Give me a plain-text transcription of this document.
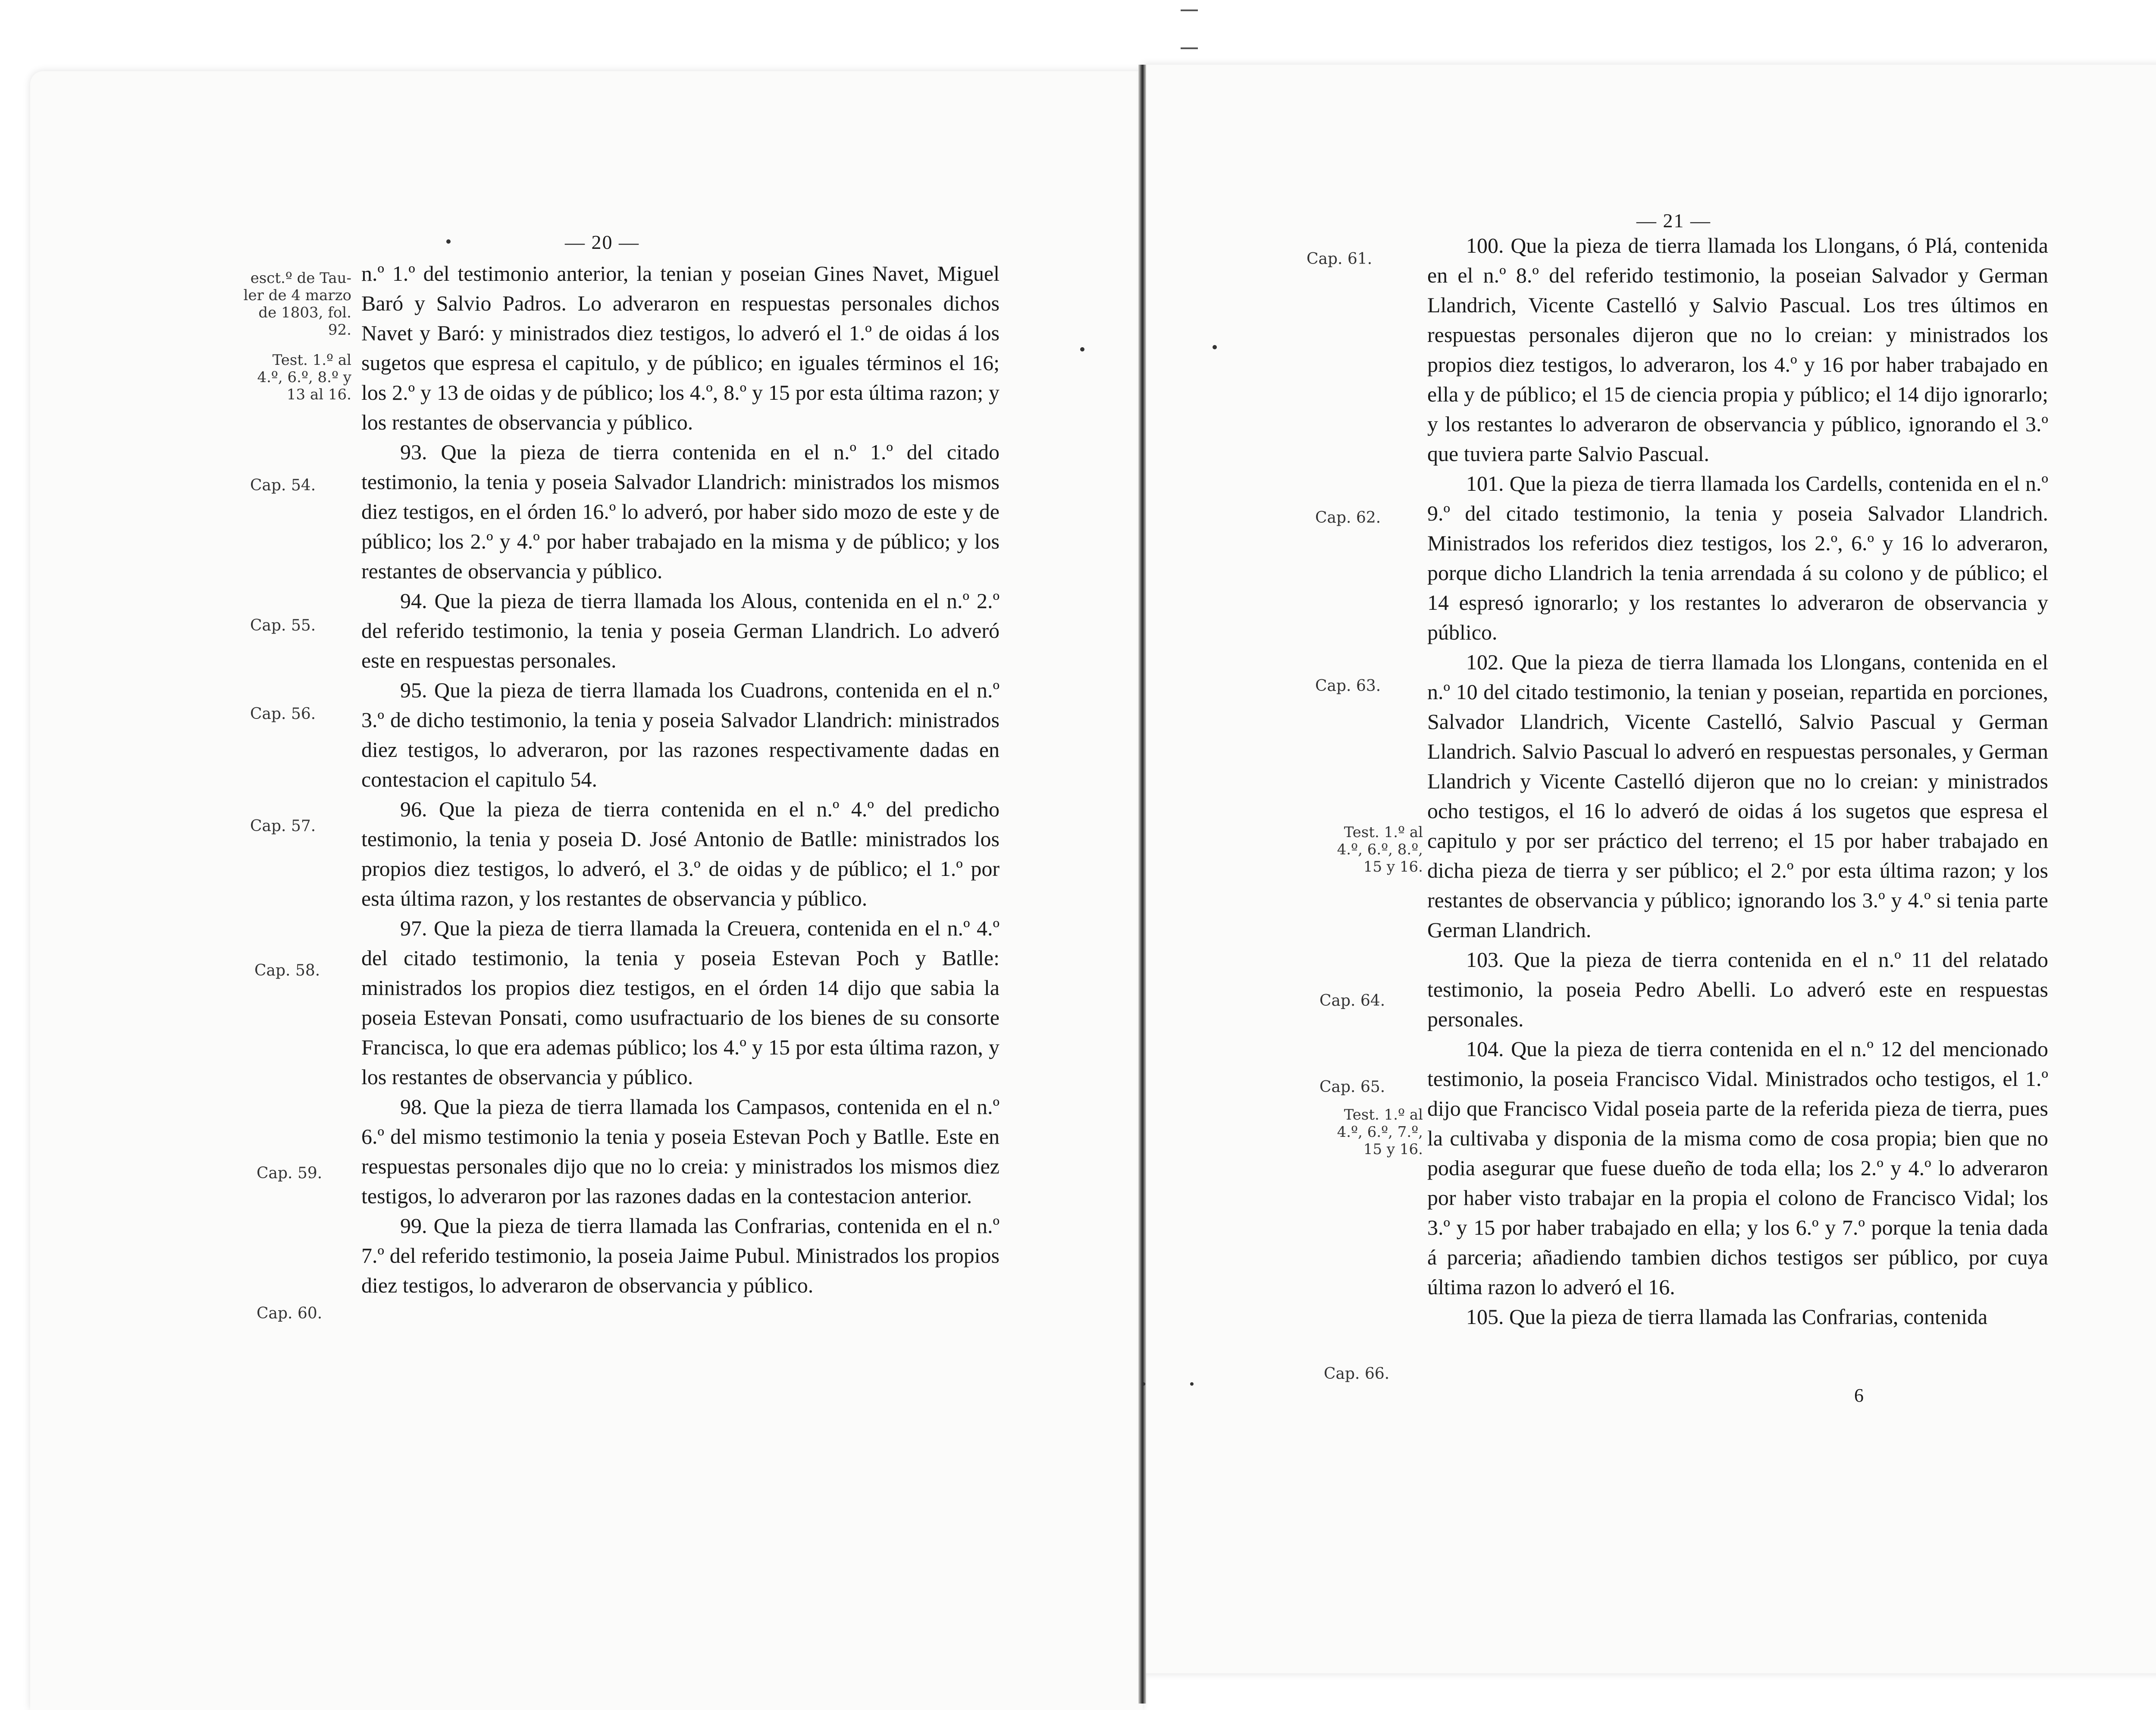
— 20 —
esct.º de Tau-
ler de 4 marzo
de 1803, fol.
92.
Test. 1.º al
4.º, 6.º, 8.º y
13 al 16.
Cap. 54.
Cap. 55.
Cap. 56.
Cap. 57.
Cap. 58.
Cap. 59.
Cap. 60.

n.º 1.º del testimonio anterior, la tenian y poseian Gines Navet, Miguel Baró y Salvio Padros. Lo adveraron en respuestas personales dichos Navet y Baró: y ministrados diez testigos, lo adveró el 1.º de oidas á los sugetos que espresa el capitulo, y de público; en iguales términos el 16; los 2.º y 13 de oidas y de público; los 4.º, 8.º y 15 por esta última razon; y los restantes de observancia y público.

93. Que la pieza de tierra contenida en el n.º 1.º del citado testimonio, la tenia y poseia Salvador Llandrich: ministrados los mismos diez testigos, en el órden 16.º lo adveró, por haber sido mozo de este y de público; los 2.º y 4.º por haber trabajado en la misma y de público; y los restantes de observancia y público.

94. Que la pieza de tierra llamada los Alous, contenida en el n.º 2.º del referido testimonio, la tenia y poseia German Llandrich. Lo adveró este en respuestas personales.

95. Que la pieza de tierra llamada los Cuadrons, contenida en el n.º 3.º de dicho testimonio, la tenia y poseia Salvador Llandrich: ministrados diez testigos, lo adveraron, por las razones respectivamente dadas en contestacion el capitulo 54.

96. Que la pieza de tierra contenida en el n.º 4.º del predicho testimonio, la tenia y poseia D. José Antonio de Batlle: ministrados los propios diez testigos, lo adveró, el 3.º de oidas y de público; el 1.º por esta última razon, y los restantes de observancia y público.

97. Que la pieza de tierra llamada la Creuera, contenida en el n.º 4.º del citado testimonio, la tenia y poseia Estevan Poch y Batlle: ministrados los propios diez testigos, en el órden 14 dijo que sabia la poseia Estevan Ponsati, como usufractuario de los bienes de su consorte Francisca, lo que era ademas público; los 4.º y 15 por esta última razon, y los restantes de observancia y público.

98. Que la pieza de tierra llamada los Campasos, contenida en el n.º 6.º del mismo testimonio la tenia y poseia Estevan Poch y Batlle. Este en respuestas personales dijo que no lo creia: y ministrados los mismos diez testigos, lo adveraron por las razones dadas en la contestacion anterior.

99. Que la pieza de tierra llamada las Confrarias, contenida en el n.º 7.º del referido testimonio, la poseia Jaime Pubul. Ministrados los propios diez testigos, lo adveraron de observancia y público.

— 21 —
Cap. 61.
Cap. 62.
Cap. 63.
Cap. 64.
Cap. 65.
Cap. 66.
Test. 1.º al
4.º, 6.º, 8.º,
15 y 16.
Test. 1.º al
4.º, 6.º, 7.º,
15 y 16.

100. Que la pieza de tierra llamada los Llongans, ó Plá, contenida en el n.º 8.º del referido testimonio, la poseian Salvador y German Llandrich, Vicente Castelló y Salvio Pascual. Los tres últimos en respuestas personales dijeron que no lo creian: y ministrados los propios diez testigos, lo adveraron, los 4.º y 16 por haber trabajado en ella y de público; el 15 de ciencia propia y público; el 14 dijo ignorarlo; y los restantes lo adveraron de observancia y público, ignorando el 3.º que tuviera parte Salvio Pascual.

101. Que la pieza de tierra llamada los Cardells, contenida en el n.º 9.º del citado testimonio, la tenia y poseia Salvador Llandrich. Ministrados los referidos diez testigos, los 2.º, 6.º y 16 lo adveraron, porque dicho Llandrich la tenia arrendada á su colono y de público; el 14 espresó ignorarlo; y los restantes lo adveraron de observancia y público.

102. Que la pieza de tierra llamada los Llongans, contenida en el n.º 10 del citado testimonio, la tenian y poseian, repartida en porciones, Salvador Llandrich, Vicente Castelló, Salvio Pascual y German Llandrich. Salvio Pascual lo adveró en respuestas personales, y German Llandrich y Vicente Castelló dijeron que no lo creian: y ministrados ocho testigos, el 16 lo adveró de oidas á los sugetos que espresa el capitulo y por ser práctico del terreno; el 15 por haber trabajado en dicha pieza de tierra y ser público; el 2.º por esta última razon; y los restantes de observancia y público; ignorando los 3.º y 4.º si tenia parte German Llandrich.

103. Que la pieza de tierra contenida en el n.º 11 del relatado testimonio, la poseia Pedro Abelli. Lo adveró este en respuestas personales.

104. Que la pieza de tierra contenida en el n.º 12 del mencionado testimonio, la poseia Francisco Vidal. Ministrados ocho testigos, el 1.º dijo que Francisco Vidal poseia parte de la referida pieza de tierra, pues la cultivaba y disponia de la misma como de cosa propia; bien que no podia asegurar que fuese dueño de toda ella; los 2.º y 4.º lo adveraron por haber visto trabajar en la propia el colono de Francisco Vidal; los 3.º y 15 por haber trabajado en ella; y los 6.º y 7.º porque la tenia dada á parceria; añadiendo tambien dichos testigos ser público, por cuya última razon lo adveró el 16.

105. Que la pieza de tierra llamada las Confrarias, contenida

6
